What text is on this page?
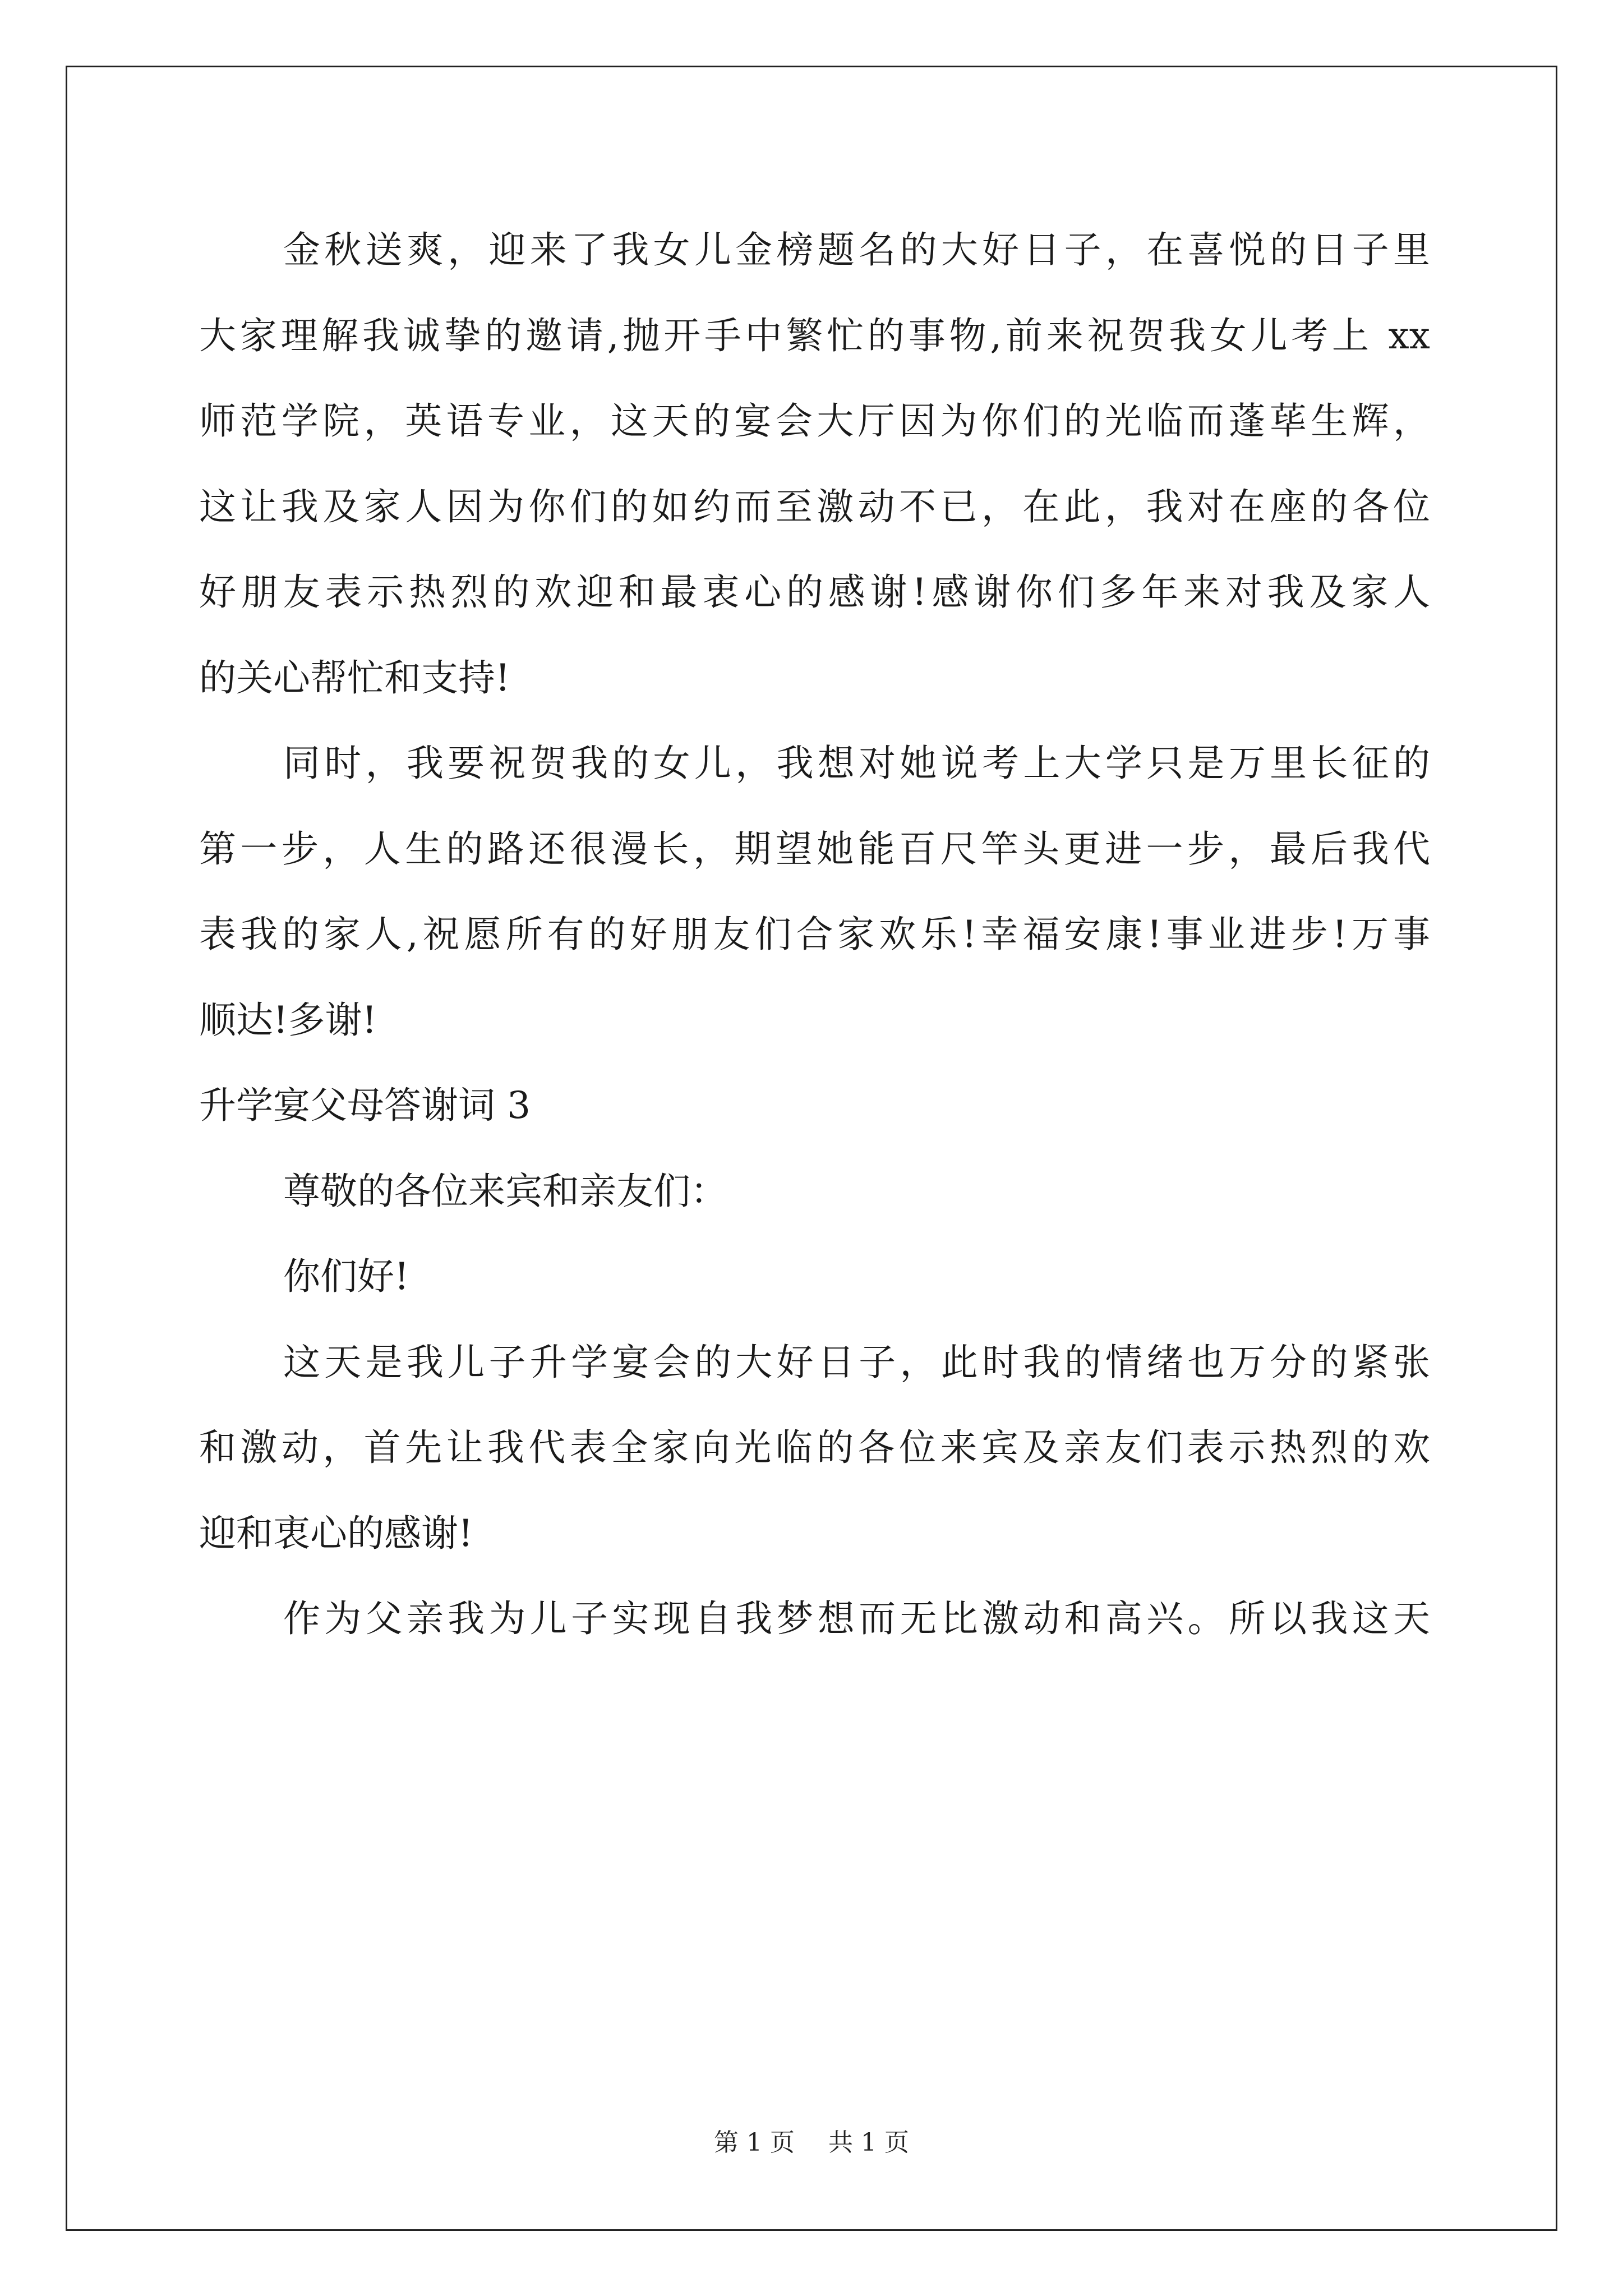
金秋送爽，迎来了我女儿金榜题名的大好日子，在喜悦的日子里
大家理解我诚挚的邀请,抛开手中繁忙的事物,前来祝贺我女儿考上 xx
师范学院，英语专业，这天的宴会大厅因为你们的光临而蓬荜生辉，
这让我及家人因为你们的如约而至激动不已，在此，我对在座的各位
好朋友表示热烈的欢迎和最衷心的感谢!感谢你们多年来对我及家人
的关心帮忙和支持!
同时，我要祝贺我的女儿，我想对她说考上大学只是万里长征的
第一步，人生的路还很漫长，期望她能百尺竿头更进一步，最后我代
表我的家人,祝愿所有的好朋友们合家欢乐!幸福安康!事业进步!万事
顺达!多谢!
升学宴父母答谢词 3
尊敬的各位来宾和亲友们：
你们好!
这天是我儿子升学宴会的大好日子，此时我的情绪也万分的紧张
和激动，首先让我代表全家向光临的各位来宾及亲友们表示热烈的欢
迎和衷心的感谢!
作为父亲我为儿子实现自我梦想而无比激动和高兴。所以我这天
第 1 页 共 1 页
